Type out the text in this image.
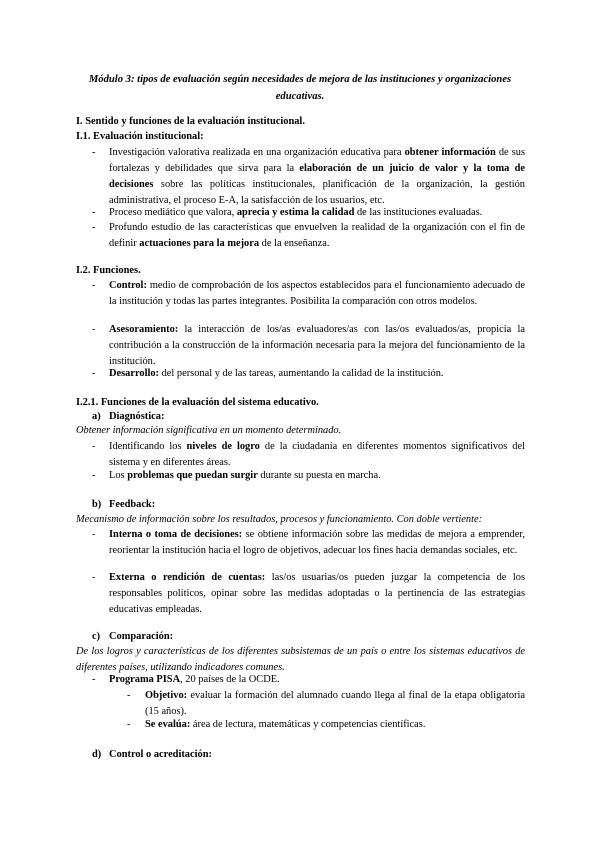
Módulo 3: tipos de evaluación según necesidades de mejora de las instituciones y organizaciones
educativas.
I. Sentido y funciones de la evaluación institucional.
I.1. Evaluación institucional:
- Investigación valorativa realizada en una organización educativa para obtener información de sus fortalezas y debilidades que sirva para la elaboración de un juicio de valor y la toma de decisiones sobre las políticas institucionales, planificación de la organización, la gestión administrativa, el proceso E-A, la satisfacción de los usuarios, etc.
- Proceso mediático que valora, aprecia y estima la calidad de las instituciones evaluadas.
- Profundo estudio de las características que envuelven la realidad de la organización con el fin de definir actuaciones para la mejora de la enseñanza.
I.2. Funciones.
- Control: medio de comprobación de los aspectos establecidos para el funcionamiento adecuado de la institución y todas las partes integrantes. Posibilita la comparación con otros modelos.
- Asesoramiento: la interacción de los/as evaluadores/as con las/os evaluados/as, propicia la contribución a la construcción de la información necesaria para la mejora del funcionamiento de la institución.
- Desarrollo: del personal y de las tareas, aumentando la calidad de la institución.
I.2.1. Funciones de la evaluación del sistema educativo.
a) Diagnóstica:
Obtener información significativa en un momento determinado.
- Identificando los niveles de logro de la ciudadanía en diferentes momentos significativos del sistema y en diferentes áreas.
- Los problemas que puedan surgir durante su puesta en marcha.
b) Feedback:
Mecanismo de información sobre los resultados, procesos y funcionamiento. Con doble vertiente:
- Interna o toma de decisiones: se obtiene información sobre las medidas de mejora a emprender, reorientar la institución hacia el logro de objetivos, adecuar los fines hacia demandas sociales, etc.
- Externa o rendición de cuentas: las/os usuarias/os pueden juzgar la competencia de los responsables políticos, opinar sobre las medidas adoptadas o la pertinencia de las estrategias educativas empleadas.
c) Comparación:
De los logros y características de los diferentes subsistemas de un país o entre los sistemas educativos de diferentes países, utilizando indicadores comunes.
- Programa PISA, 20 países de la OCDE.
- Objetivo: evaluar la formación del alumnado cuando llega al final de la etapa obligatoria (15 años).
- Se evalúa: área de lectura, matemáticas y competencias científicas.
d) Control o acreditación:
